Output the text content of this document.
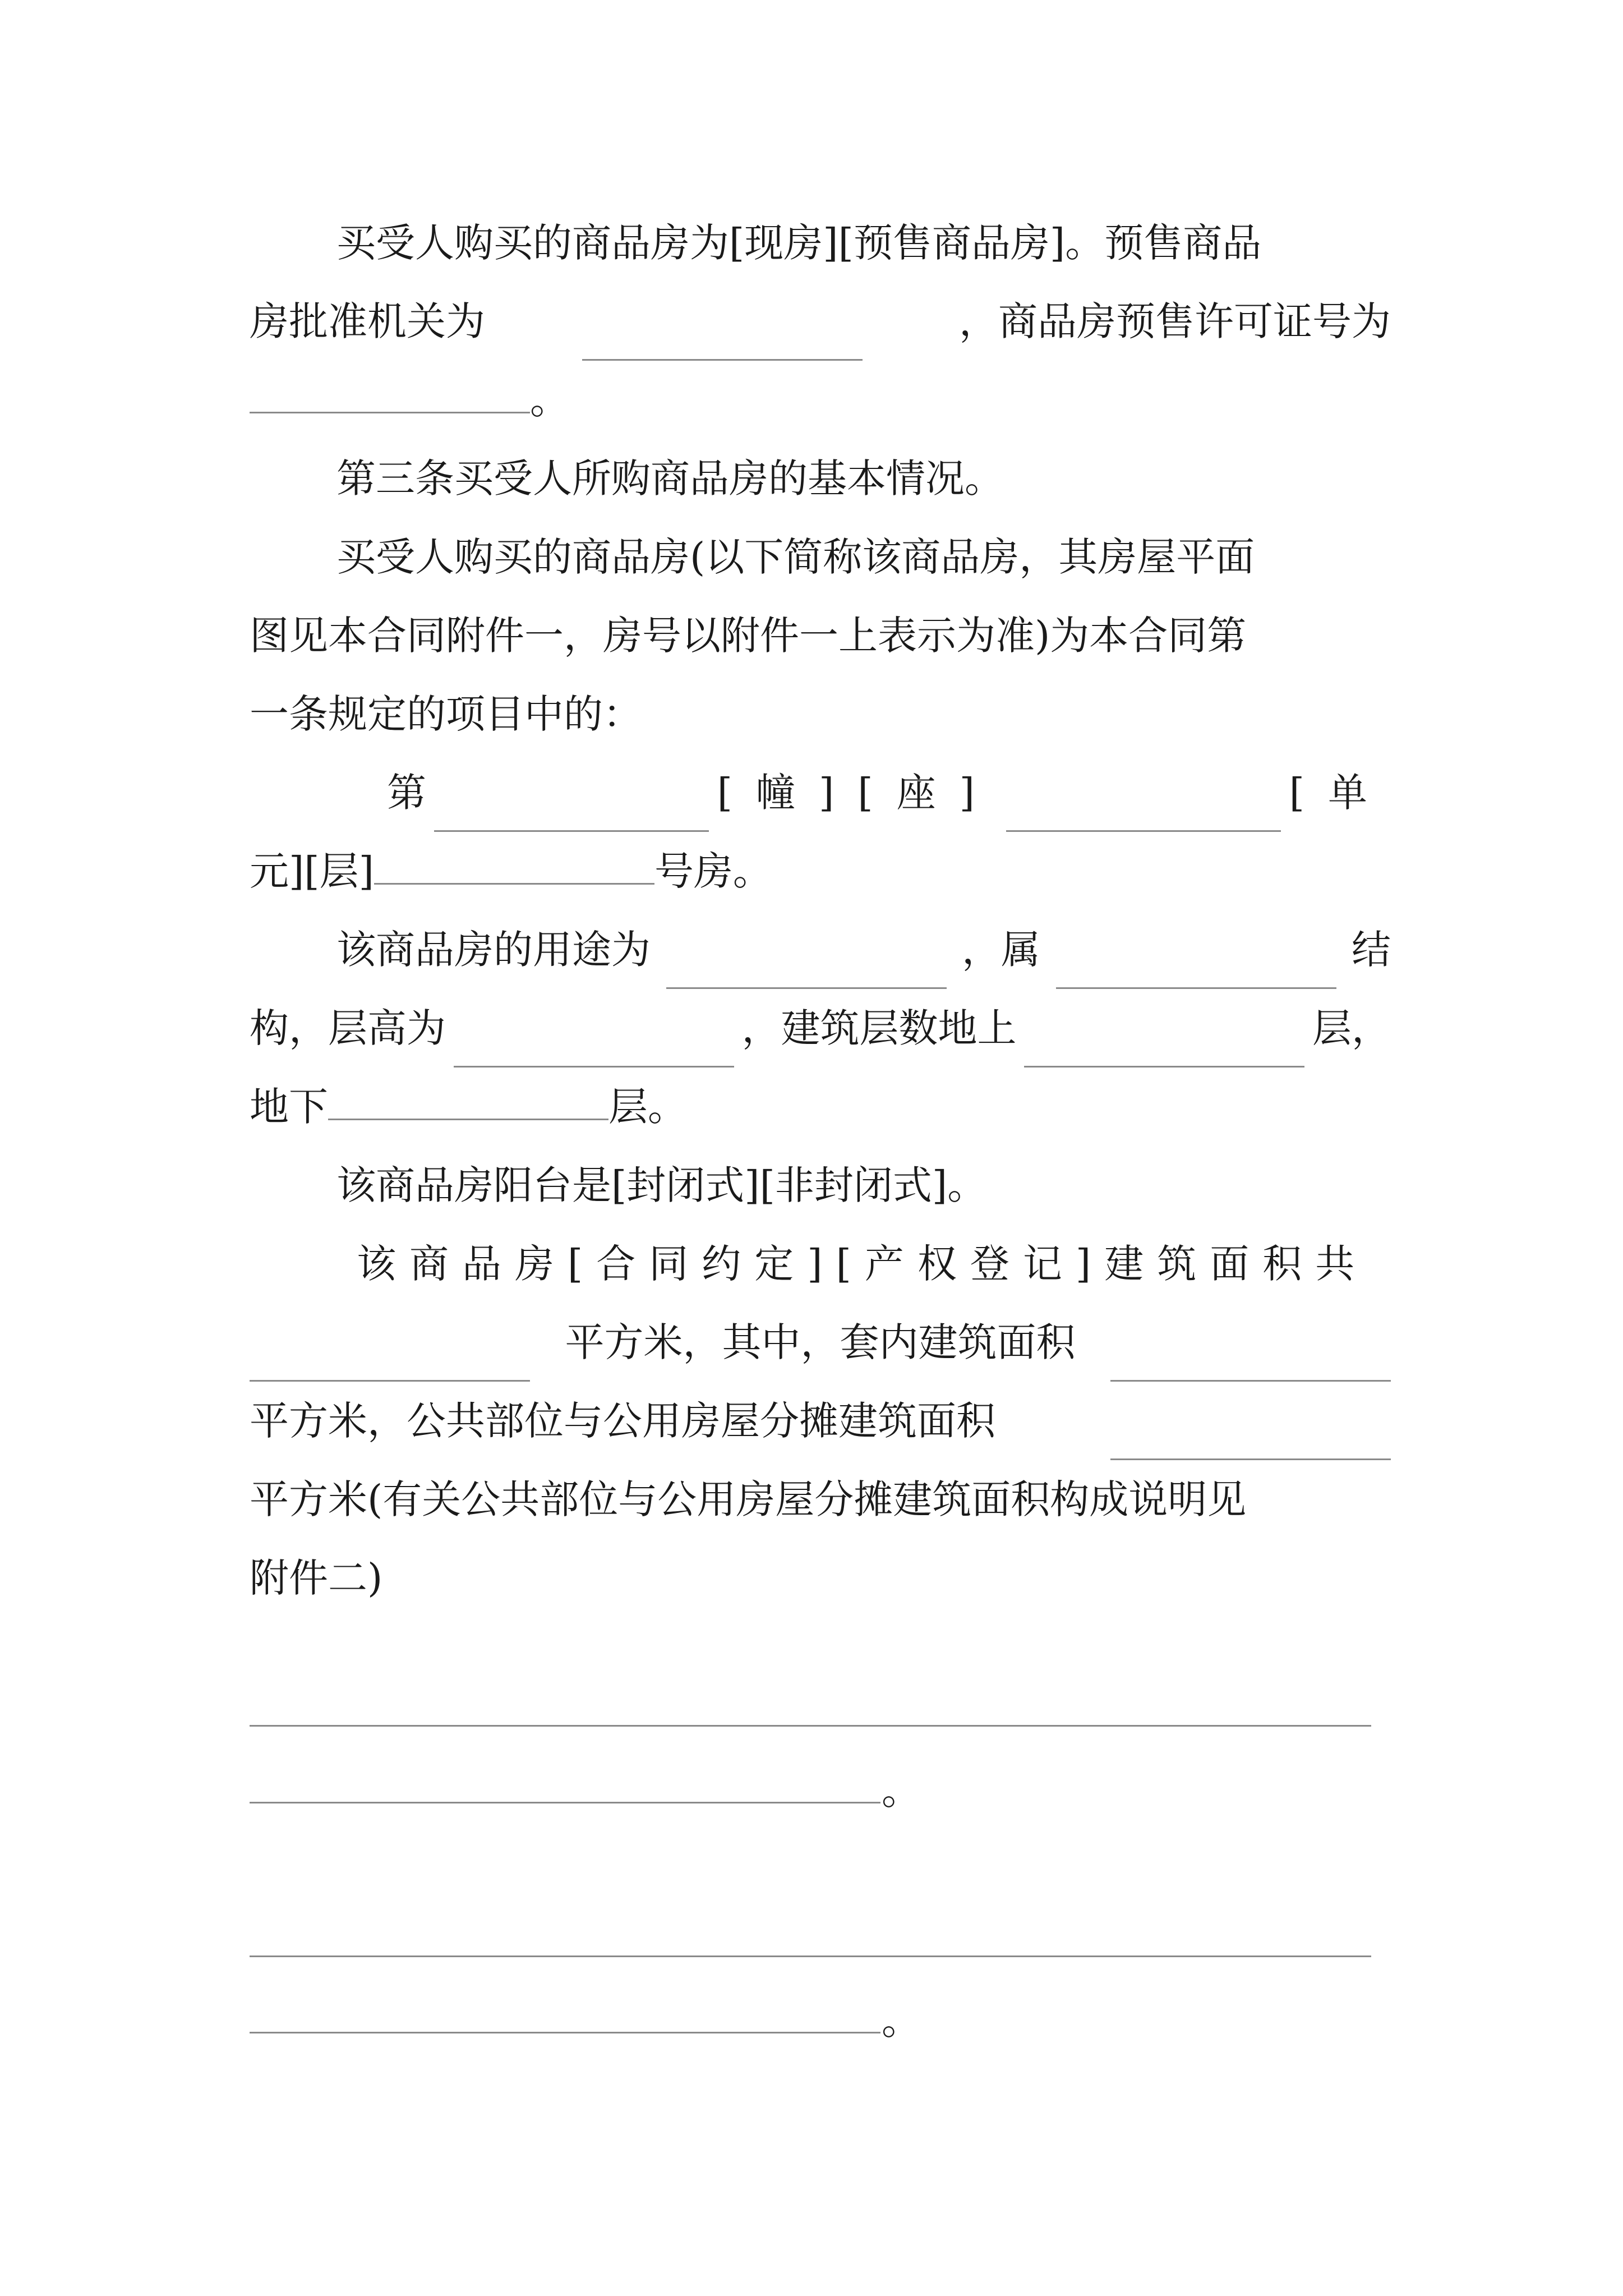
买受人购买的商品房为[现房][预售商品房]。预售商品
房批准机关为	，商品房预售许可证号为
。
第三条买受人所购商品房的基本情况。
买受人购买的商品房(以下简称该商品房，其房屋平面
图见本合同附件一，房号以附件一上表示为准)为本合同第
一条规定的项目中的：
第	[幢][座]	[单
元][层]	号房。
该商品房的用途为	，属	结
构，层高为	，建筑层数地上	层，
地下	层。
该商品房阳台是[封闭式][非封闭式]。
该商品房[合同约定][产权登记]建筑面积共
平方米，其中，套内建筑面积
平方米，公共部位与公用房屋分摊建筑面积
平方米(有关公共部位与公用房屋分摊建筑面积构成说明见
附件二)
。
。
